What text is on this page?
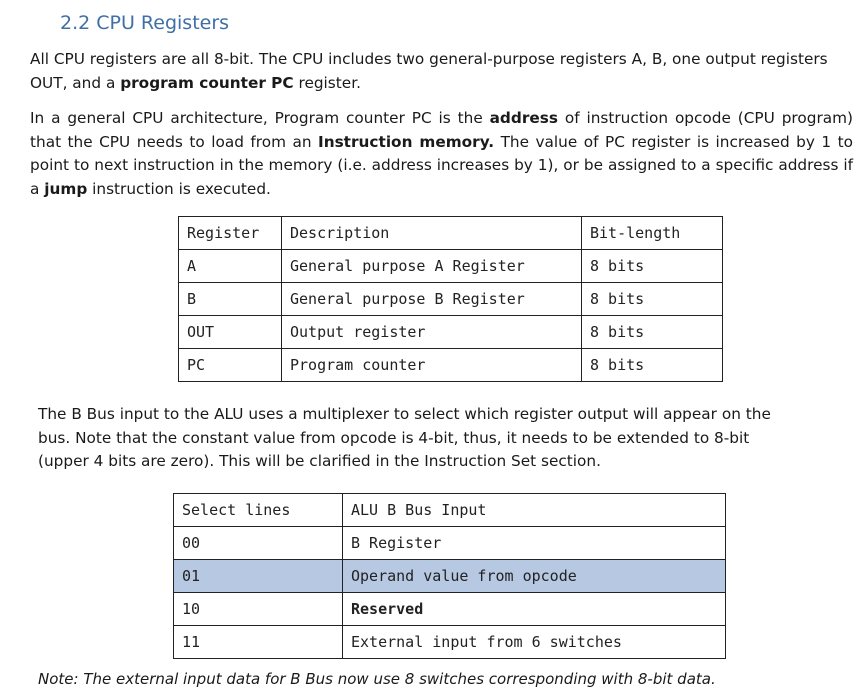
2.2 CPU Registers

All CPU registers are all 8-bit. The CPU includes two general-purpose registers A, B, one output registers OUT, and a program counter PC register.

In a general CPU architecture, Program counter PC is the address of instruction opcode (CPU program) that the CPU needs to load from an Instruction memory. The value of PC register is increased by 1 to point to next instruction in the memory (i.e. address increases by 1), or be assigned to a specific address if a jump instruction is executed.

Register	Description	Bit-length
A	General purpose A Register	8 bits
B	General purpose B Register	8 bits
OUT	Output register	8 bits
PC	Program counter	8 bits

The B Bus input to the ALU uses a multiplexer to select which register output will appear on the bus. Note that the constant value from opcode is 4-bit, thus, it needs to be extended to 8-bit (upper 4 bits are zero). This will be clarified in the Instruction Set section.

Select lines	ALU B Bus Input
00	B Register
01	Operand value from opcode
10	Reserved
11	External input from 6 switches

Note: The external input data for B Bus now use 8 switches corresponding with 8-bit data.
